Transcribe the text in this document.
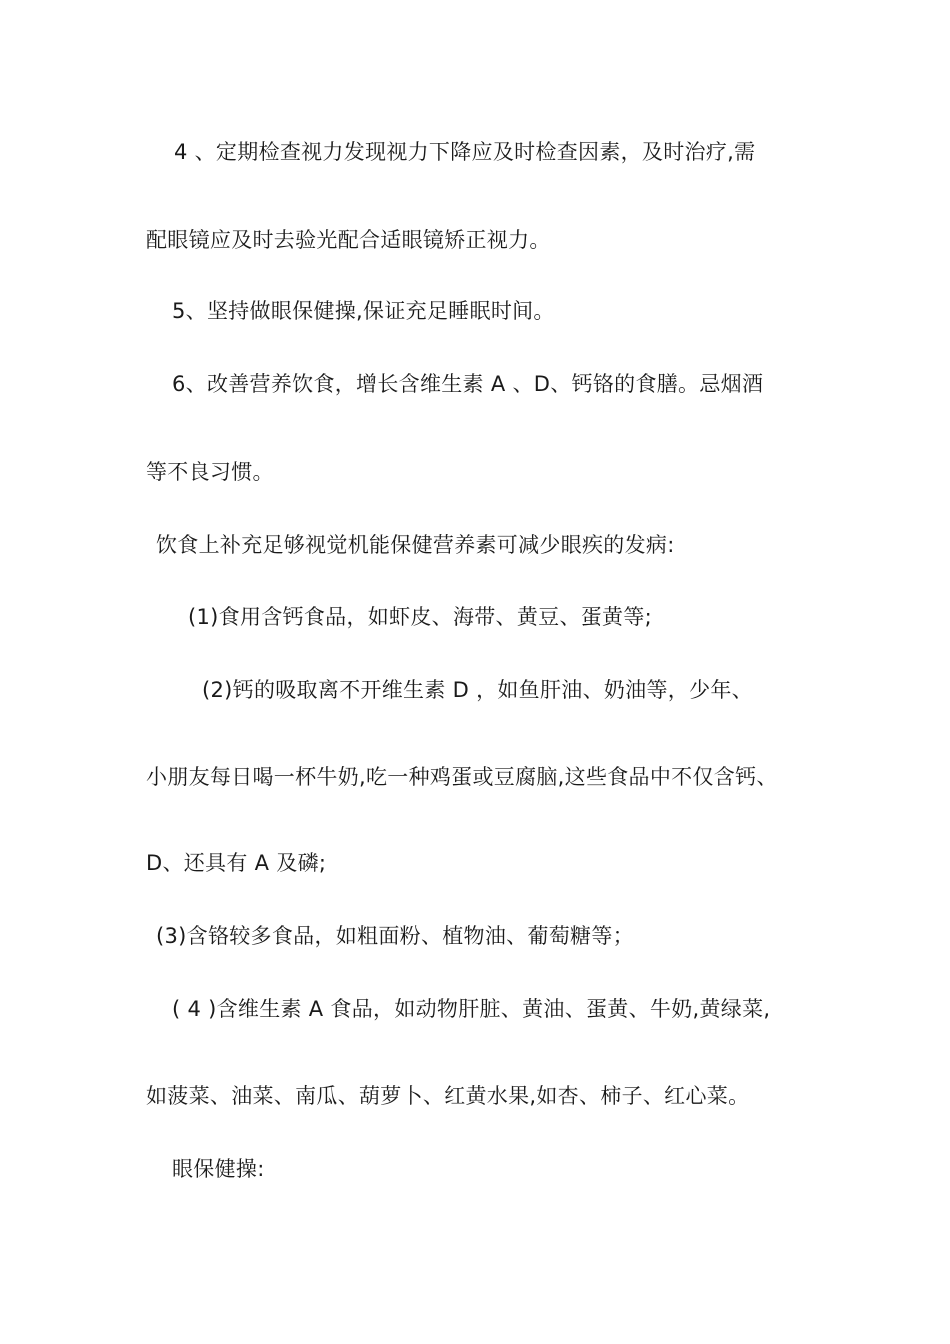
4 、定期检查视力发现视力下降应及时检查因素，及时治疗,需
配眼镜应及时去验光配合适眼镜矫正视力。
5、坚持做眼保健操,保证充足睡眠时间。
6、改善营养饮食，增长含维生素 A 、D、钙铬的食膳。忌烟酒
等不良习惯。
饮食上补充足够视觉机能保健营养素可减少眼疾的发病:
(1)食用含钙食品，如虾皮、海带、黄豆、蛋黄等;
(2)钙的吸取离不开维生素 D ，如鱼肝油、奶油等，少年、
小朋友每日喝一杯牛奶,吃一种鸡蛋或豆腐脑,这些食品中不仅含钙、
D、还具有 A 及磷;
(3)含铬较多食品，如粗面粉、植物油、葡萄糖等；
( 4 )含维生素 A 食品，如动物肝脏、黄油、蛋黄、牛奶,黄绿菜,
如菠菜、油菜、南瓜、葫萝卜、红黄水果,如杏、柿子、红心菜。
眼保健操:
